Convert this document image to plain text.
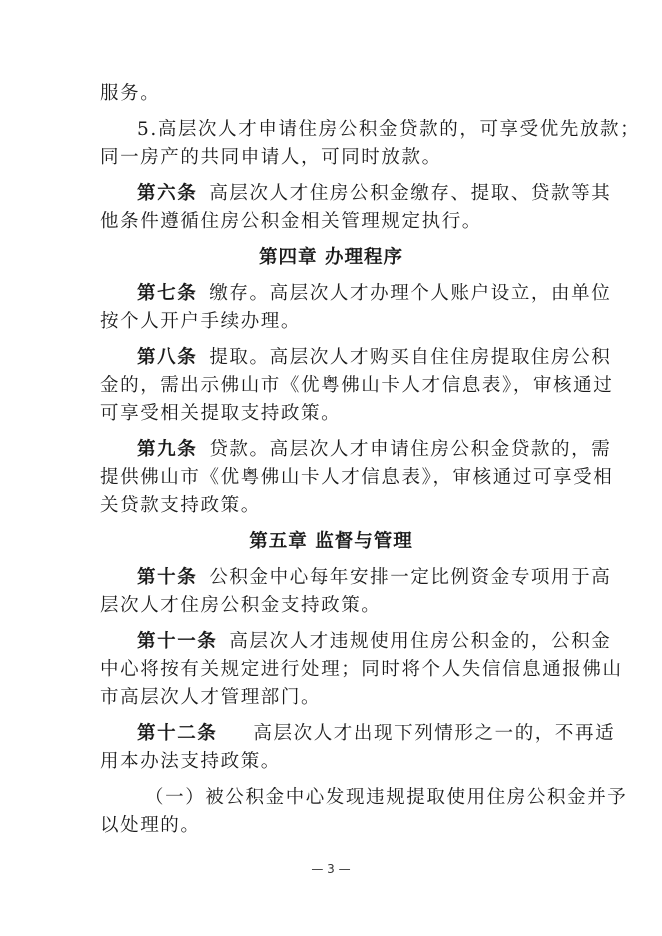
服务。
5.高层次人才申请住房公积金贷款的，可享受优先放款；
同一房产的共同申请人，可同时放款。
第六条 高层次人才住房公积金缴存、提取、贷款等其
他条件遵循住房公积金相关管理规定执行。
第四章 办理程序
第七条 缴存。高层次人才办理个人账户设立，由单位
按个人开户手续办理。
第八条 提取。高层次人才购买自住住房提取住房公积
金的，需出示佛山市《优粤佛山卡人才信息表》，审核通过
可享受相关提取支持政策。
第九条 贷款。高层次人才申请住房公积金贷款的，需
提供佛山市《优粤佛山卡人才信息表》，审核通过可享受相
关贷款支持政策。
第五章 监督与管理
第十条 公积金中心每年安排一定比例资金专项用于高
层次人才住房公积金支持政策。
第十一条 高层次人才违规使用住房公积金的，公积金
中心将按有关规定进行处理；同时将个人失信信息通报佛山
市高层次人才管理部门。
第十二条 高层次人才出现下列情形之一的，不再适
用本办法支持政策。
（一）被公积金中心发现违规提取使用住房公积金并予
以处理的。
— 3 —
